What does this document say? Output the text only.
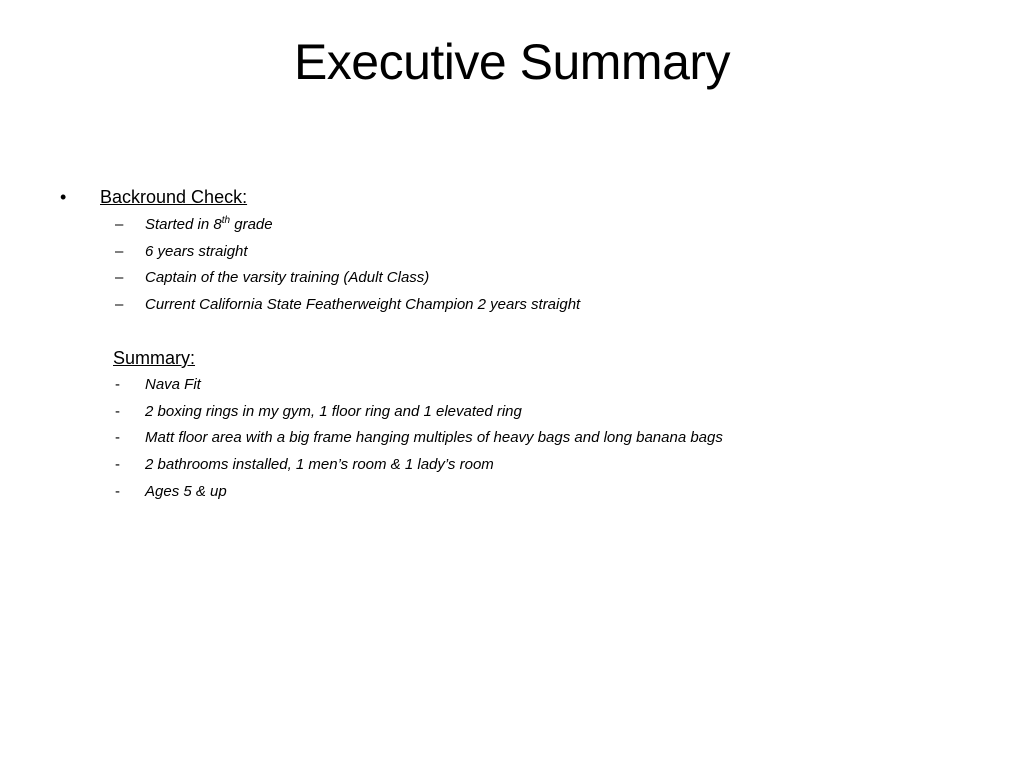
Executive Summary
• Backround Check:
– Started in 8th grade
– 6 years straight
– Captain of the varsity training (Adult Class)
– Current California State Featherweight Champion 2 years straight
Summary:
- Nava Fit
- 2 boxing rings in my gym, 1 floor ring and 1 elevated ring
- Matt floor area with a big frame hanging multiples of heavy bags and long banana bags
- 2 bathrooms installed, 1 men’s room & 1 lady’s room
- Ages 5 & up
